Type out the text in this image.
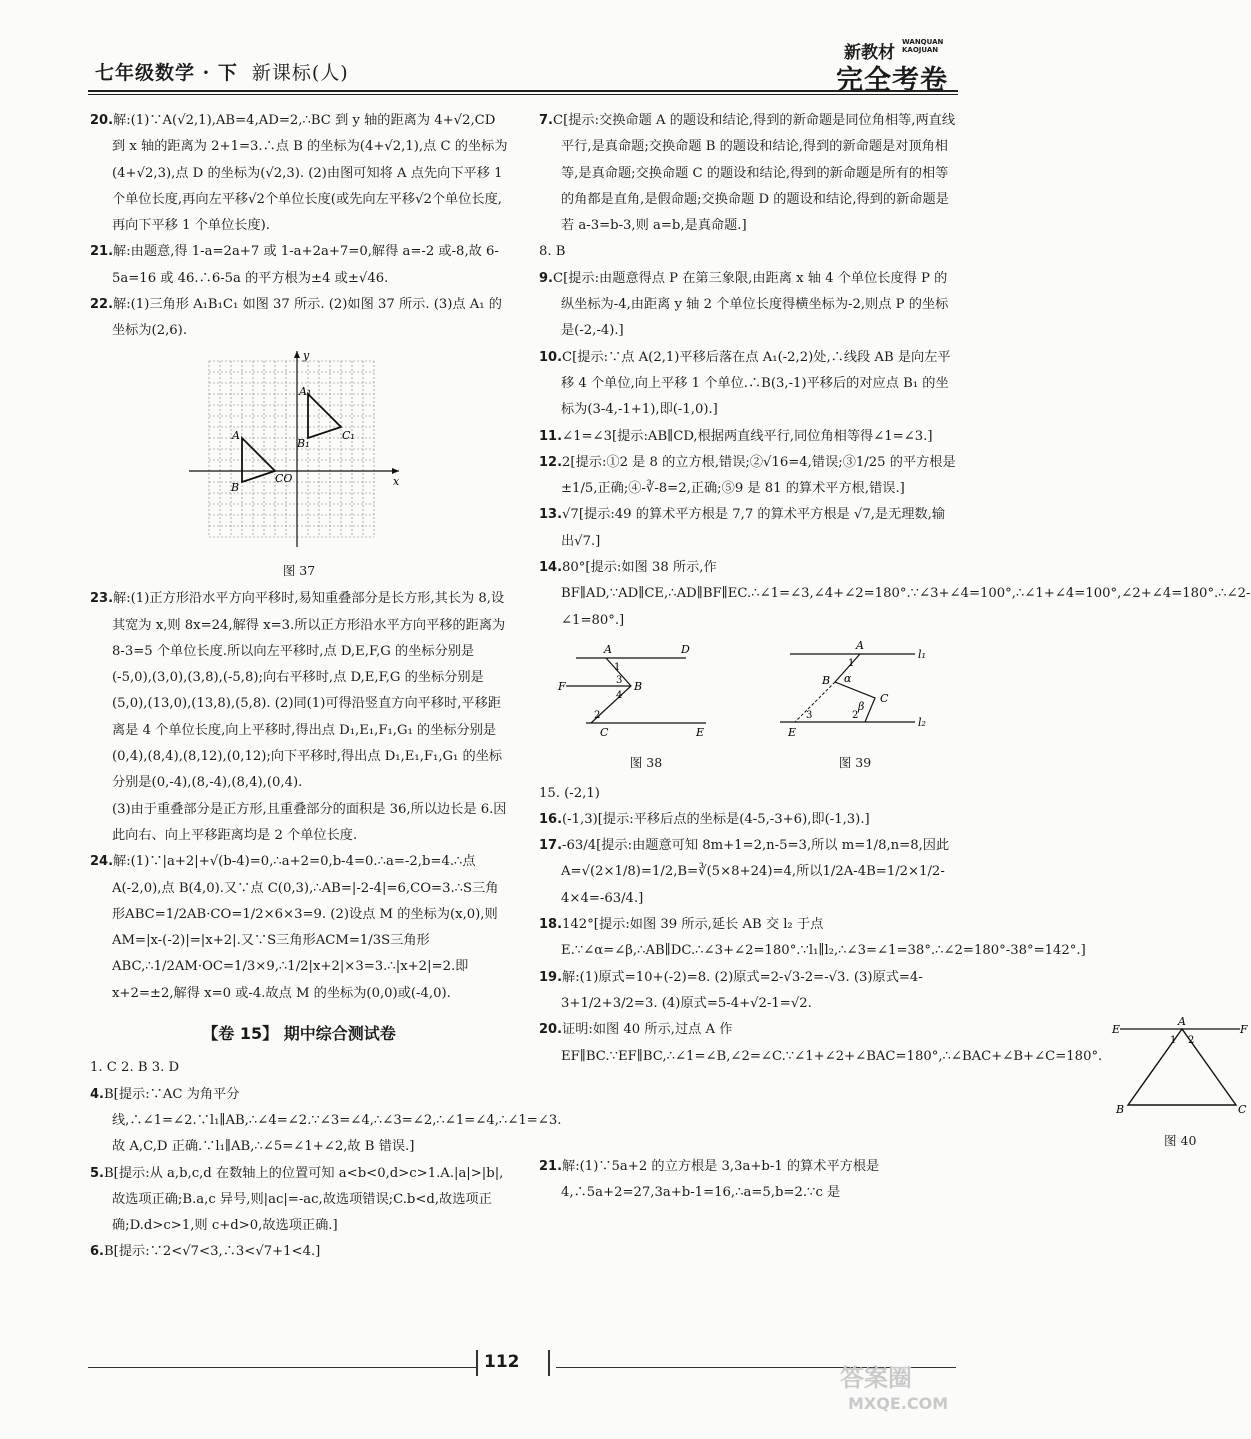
七年级数学 · 下 新课标(人)
新教材
WANQUAN KAOJUAN
完全考卷

20.解:(1)∵A(√2,1),AB=4,AD=2,∴BC 到 y 轴的距离为 4+√2,CD 到 x 轴的距离为 2+1=3.∴点 B 的坐标为(4+√2,1),点 C 的坐标为(4+√2,3),点 D 的坐标为(√2,3). (2)由图可知将 A 点先向下平移 1 个单位长度,再向左平移√2个单位长度(或先向左平移√2个单位长度,再向下平移 1 个单位长度).

21.解:由题意,得 1-a=2a+7 或 1-a+2a+7=0,解得 a=-2 或-8,故 6-5a=16 或 46.∴6-5a 的平方根为±4 或±√46.

22.解:(1)三角形 A₁B₁C₁ 如图 37 所示. (2)如图 37 所示. (3)点 A₁ 的坐标为(2,6).

y
x
A
B
CO
A₁
B₁
C₁
图 37

23.解:(1)正方形沿水平方向平移时,易知重叠部分是长方形,其长为 8,设其宽为 x,则 8x=24,解得 x=3.所以正方形沿水平方向平移的距离为 8-3=5 个单位长度.所以向左平移时,点 D,E,F,G 的坐标分别是(-5,0),(3,0),(3,8),(-5,8);向右平移时,点 D,E,F,G 的坐标分别是(5,0),(13,0),(13,8),(5,8). (2)同(1)可得沿竖直方向平移时,平移距离是 4 个单位长度,向上平移时,得出点 D₁,E₁,F₁,G₁ 的坐标分别是(0,4),(8,4),(8,12),(0,12);向下平移时,得出点 D₁,E₁,F₁,G₁ 的坐标分别是(0,-4),(8,-4),(8,4),(0,4).

(3)由于重叠部分是正方形,且重叠部分的面积是 36,所以边长是 6.因此向右、向上平移距离均是 2 个单位长度.

24.解:(1)∵|a+2|+√(b-4)=0,∴a+2=0,b-4=0.∴a=-2,b=4.∴点 A(-2,0),点 B(4,0).又∵点 C(0,3),∴AB=|-2-4|=6,CO=3.∴S三角形ABC=1/2AB·CO=1/2×6×3=9. (2)设点 M 的坐标为(x,0),则 AM=|x-(-2)|=|x+2|.又∵S三角形ACM=1/3S三角形ABC,∴1/2AM·OC=1/3×9,∴1/2|x+2|×3=3.∴|x+2|=2.即 x+2=±2,解得 x=0 或-4.故点 M 的坐标为(0,0)或(-4,0).

【卷 15】 期中综合测试卷

1. C 2. B 3. D

4.B[提示:∵AC 为角平分线,∴∠1=∠2.∵l₁∥AB,∴∠4=∠2.∵∠3=∠4,∴∠3=∠2,∴∠1=∠4,∴∠1=∠3.故 A,C,D 正确.∵l₁∥AB,∴∠5=∠1+∠2,故 B 错误.]

5.B[提示:从 a,b,c,d 在数轴上的位置可知 a<b<0,d>c>1.A.|a|>|b|,故选项正确;B.a,c 异号,则|ac|=-ac,故选项错误;C.b<d,故选项正确;D.d>c>1,则 c+d>0,故选项正确.]

6.B[提示:∵2<√7<3,∴3<√7+1<4.]

7.C[提示:交换命题 A 的题设和结论,得到的新命题是同位角相等,两直线平行,是真命题;交换命题 B 的题设和结论,得到的新命题是对顶角相等,是真命题;交换命题 C 的题设和结论,得到的新命题是所有的相等的角都是直角,是假命题;交换命题 D 的题设和结论,得到的新命题是若 a-3=b-3,则 a=b,是真命题.]

8. B

9.C[提示:由题意得点 P 在第三象限,由距离 x 轴 4 个单位长度得 P 的纵坐标为-4,由距离 y 轴 2 个单位长度得横坐标为-2,则点 P 的坐标是(-2,-4).]

10.C[提示:∵点 A(2,1)平移后落在点 A₁(-2,2)处,∴线段 AB 是向左平移 4 个单位,向上平移 1 个单位.∴B(3,-1)平移后的对应点 B₁ 的坐标为(3-4,-1+1),即(-1,0).]

11.∠1=∠3[提示:AB∥CD,根据两直线平行,同位角相等得∠1=∠3.]

12.2[提示:①2 是 8 的立方根,错误;②√16=4,错误;③1/25 的平方根是±1/5,正确;④-∛-8=2,正确;⑤9 是 81 的算术平方根,错误.]

13.√7[提示:49 的算术平方根是 7,7 的算术平方根是 √7,是无理数,输出√7.]

14.80°[提示:如图 38 所示,作 BF∥AD,∵AD∥CE,∴AD∥BF∥EC.∴∠1=∠3,∠4+∠2=180°.∵∠3+∠4=100°,∴∠1+∠4=100°,∠2+∠4=180°.∴∠2-∠1=80°.]

A	D
F	B
C	E
1
2
3
4
图 38
A
l₁
B α
β
C
E
l₂
1
2
3
图 39

15. (-2,1)

16.(-1,3)[提示:平移后点的坐标是(4-5,-3+6),即(-1,3).]

17.-63/4[提示:由题意可知 8m+1=2,n-5=3,所以 m=1/8,n=8,因此 A=√(2×1/8)=1/2,B=∛(5×8+24)=4,所以1/2A-4B=1/2×1/2-4×4=-63/4.]

18.142°[提示:如图 39 所示,延长 AB 交 l₂ 于点 E.∵∠α=∠β,∴AB∥DC.∴∠3+∠2=180°.∵l₁∥l₂,∴∠3=∠1=38°.∴∠2=180°-38°=142°.]

19.解:(1)原式=10+(-2)=8. (2)原式=2-√3-2=-√3. (3)原式=4-3+1/2+3/2=3. (4)原式=5-4+√2-1=√2.

20.证明:如图 40 所示,过点 A 作 EF∥BC.∵EF∥BC,∴∠1=∠B,∠2=∠C.∵∠1+∠2+∠BAC=180°,∴∠BAC+∠B+∠C=180°.

E
A
F
B	C
1 2
图 40

21.解:(1)∵5a+2 的立方根是 3,3a+b-1 的算术平方根是 4,∴5a+2=27,3a+b-1=16,∴a=5,b=2.∵c 是

112
答案圈
MXQE.COM
